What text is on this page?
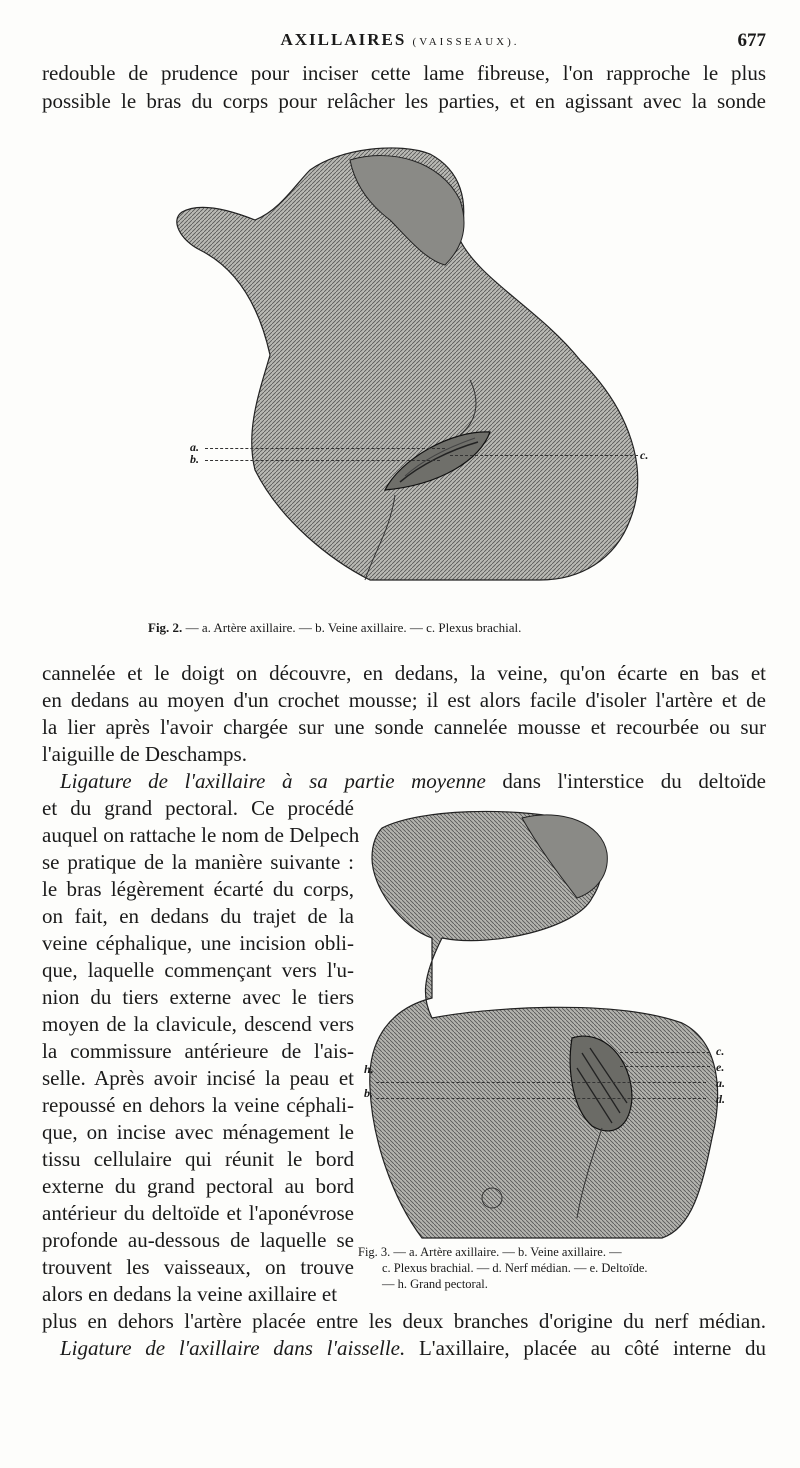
AXILLAIRES (VAISSEAUX).	677
redouble de prudence pour inciser cette lame fibreuse, l'on rapproche le plus
possible le bras du corps pour relâcher les parties, et en agissant avec la sonde
a.
b.	c.
Fig. 2. — a. Artère axillaire. — b. Veine axillaire. — c. Plexus brachial.
cannelée et le doigt on découvre, en dedans, la veine, qu'on écarte en bas et
en dedans au moyen d'un crochet mousse; il est alors facile d'isoler l'artère et de
la lier après l'avoir chargée sur une sonde cannelée mousse et recourbée ou sur
l'aiguille de Deschamps.
Ligature de l'axillaire à sa partie moyenne dans l'interstice du deltoïde
et du grand pectoral. Ce procédé
auquel on rattache le nom de Delpech
se pratique de la manière suivante :
le bras légèrement écarté du corps,
on fait, en dedans du trajet de la
veine céphalique, une incision obli-
que, laquelle commençant vers l'u-
nion du tiers externe avec le tiers
moyen de la clavicule, descend vers
la commissure antérieure de l'ais-
selle. Après avoir incisé la peau et
repoussé en dehors la veine céphali-
que, on incise avec ménagement le
tissu cellulaire qui réunit le bord
externe du grand pectoral au bord
antérieur du deltoïde et l'aponévrose
profonde au-dessous de laquelle se
trouvent les vaisseaux, on trouve
alors en dedans la veine axillaire et
plus en dehors l'artère placée entre les deux branches d'origine du nerf médian.
h.
b.
c.
e.
a.
d.
Fig. 3. — a. Artère axillaire. — b. Veine axillaire. —
c. Plexus brachial. — d. Nerf médian. — e. Deltoïde.
— h. Grand pectoral.
Ligature de l'axillaire dans l'aisselle. L'axillaire, placée au côté interne du
